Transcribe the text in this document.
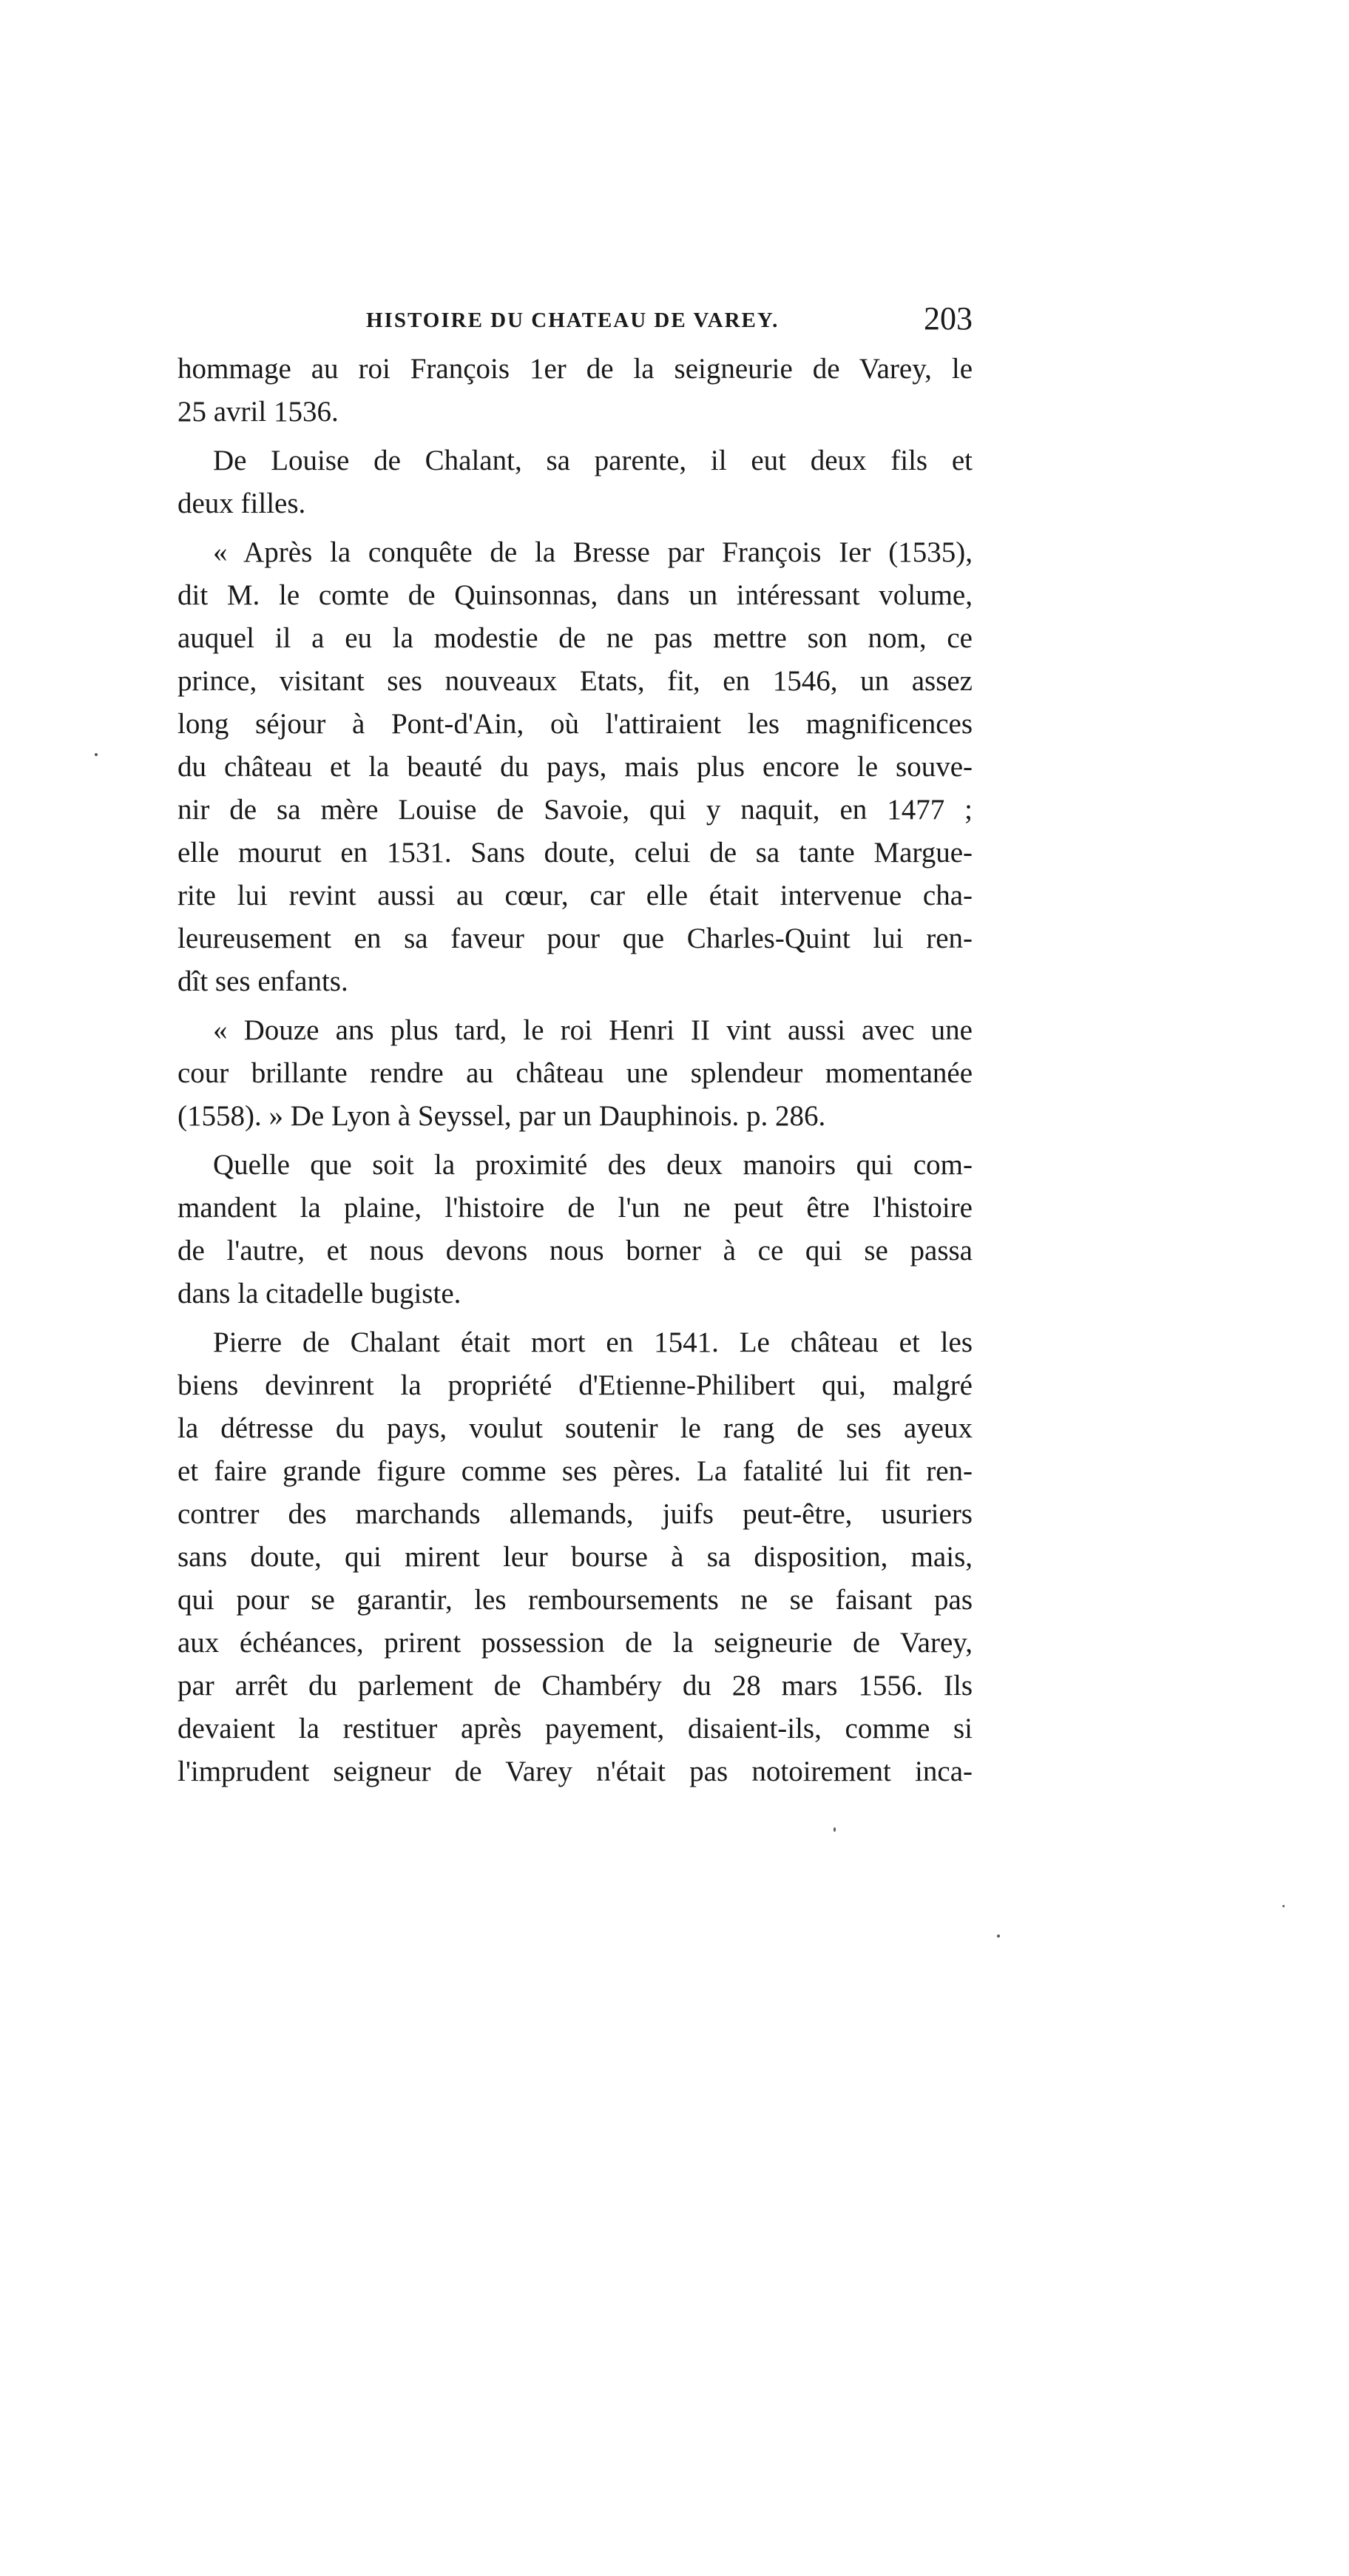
HISTOIRE DU CHATEAU DE VAREY.	203
hommage au roi François 1er de la seigneurie de Varey, le
25 avril 1536.
De Louise de Chalant, sa parente, il eut deux fils et
deux filles.
« Après la conquête de la Bresse par François Ier (1535),
dit M. le comte de Quinsonnas, dans un intéressant volume,
auquel il a eu la modestie de ne pas mettre son nom, ce
prince, visitant ses nouveaux Etats, fit, en 1546, un assez
long séjour à Pont-d'Ain, où l'attiraient les magnificences
du château et la beauté du pays, mais plus encore le souve-
nir de sa mère Louise de Savoie, qui y naquit, en 1477 ;
elle mourut en 1531. Sans doute, celui de sa tante Margue-
rite lui revint aussi au cœur, car elle était intervenue cha-
leureusement en sa faveur pour que Charles-Quint lui ren-
dît ses enfants.
« Douze ans plus tard, le roi Henri II vint aussi avec une
cour brillante rendre au château une splendeur momentanée
(1558). » De Lyon à Seyssel, par un Dauphinois. p. 286.
Quelle que soit la proximité des deux manoirs qui com-
mandent la plaine, l'histoire de l'un ne peut être l'histoire
de l'autre, et nous devons nous borner à ce qui se passa
dans la citadelle bugiste.
Pierre de Chalant était mort en 1541. Le château et les
biens devinrent la propriété d'Etienne-Philibert qui, malgré
la détresse du pays, voulut soutenir le rang de ses ayeux
et faire grande figure comme ses pères. La fatalité lui fit ren-
contrer des marchands allemands, juifs peut-être, usuriers
sans doute, qui mirent leur bourse à sa disposition, mais,
qui pour se garantir, les remboursements ne se faisant pas
aux échéances, prirent possession de la seigneurie de Varey,
par arrêt du parlement de Chambéry du 28 mars 1556. Ils
devaient la restituer après payement, disaient-ils, comme si
l'imprudent seigneur de Varey n'était pas notoirement inca-
